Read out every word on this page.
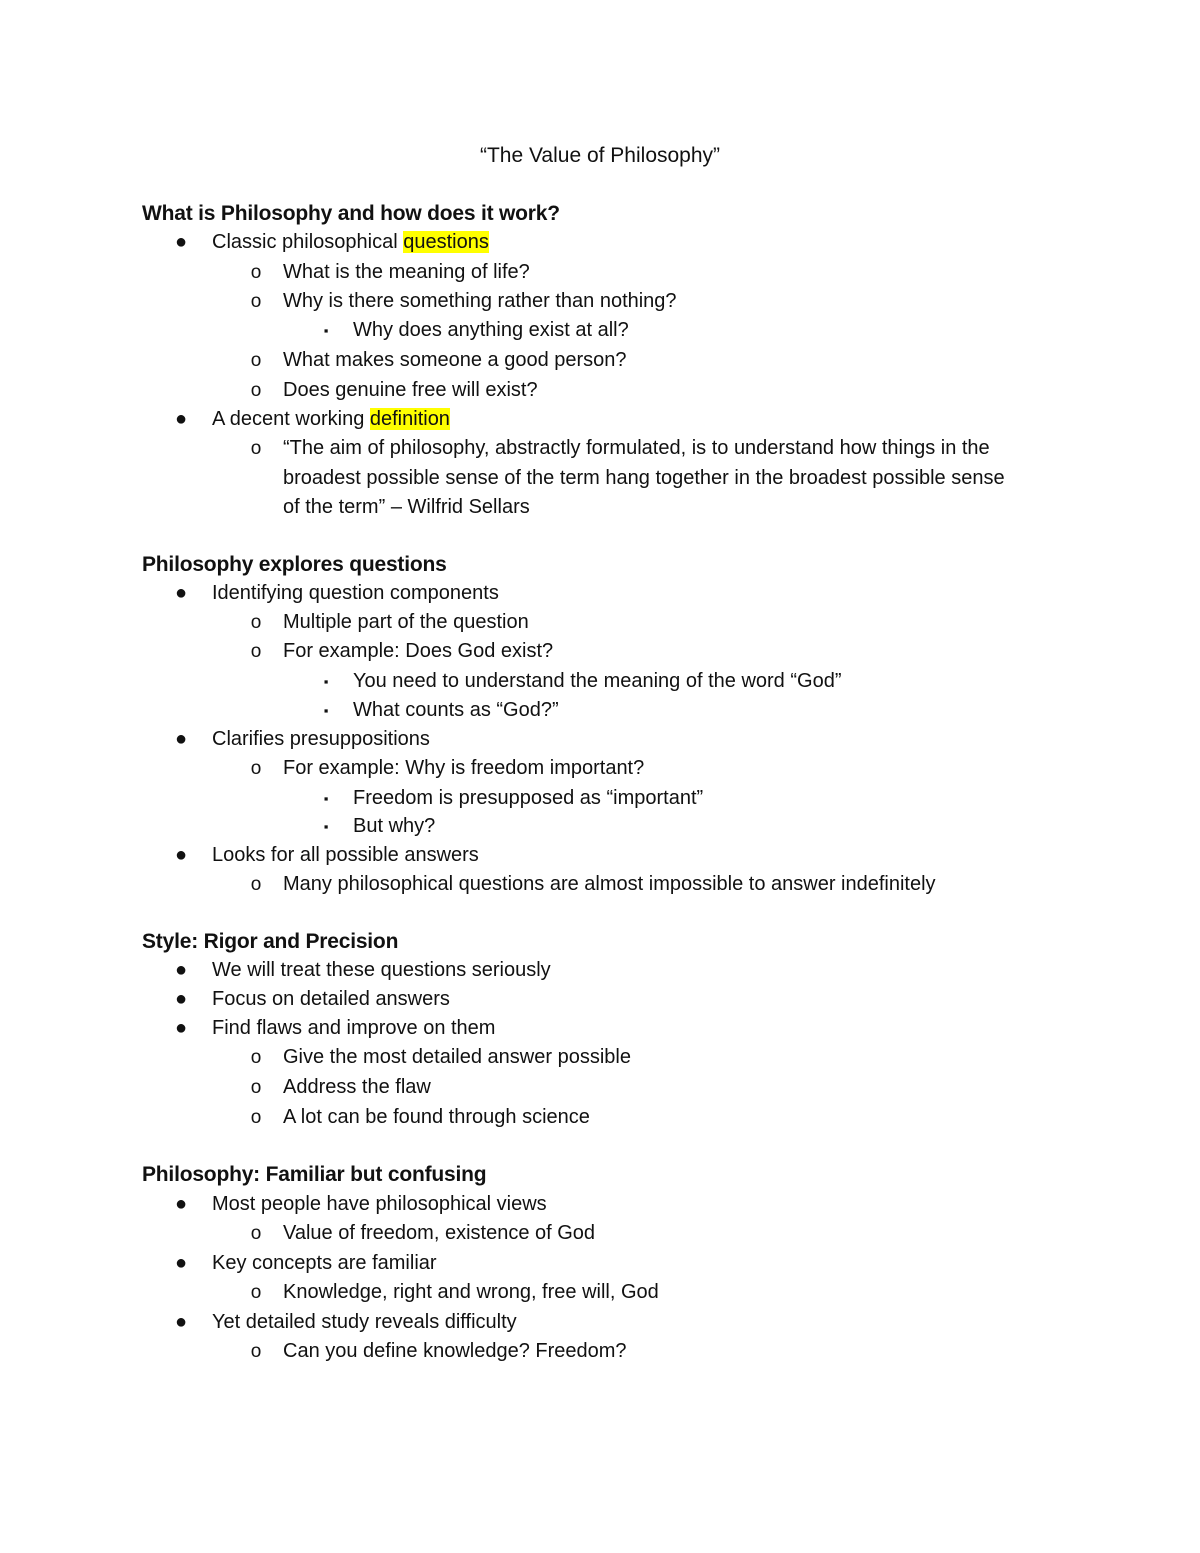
“The Value of Philosophy”
What is Philosophy and how does it work?
● Classic philosophical questions
o What is the meaning of life?
o Why is there something rather than nothing?
▪	Why does anything exist at all?
o What makes someone a good person?
o Does genuine free will exist?
● A decent working definition
o “The aim of philosophy, abstractly formulated, is to understand how things in the
broadest possible sense of the term hang together in the broadest possible sense
of the term” – Wilfrid Sellars
Philosophy explores questions
● Identifying question components
o Multiple part of the question
o For example: Does God exist?
▪	You need to understand the meaning of the word “God”
▪	What counts as “God?”
● Clarifies presuppositions
o For example: Why is freedom important?
▪	Freedom is presupposed as “important”
▪	But why?
● Looks for all possible answers
o Many philosophical questions are almost impossible to answer indefinitely
Style: Rigor and Precision
● We will treat these questions seriously
● Focus on detailed answers
● Find flaws and improve on them
o Give the most detailed answer possible
o Address the flaw
o A lot can be found through science
Philosophy: Familiar but confusing
● Most people have philosophical views
o Value of freedom, existence of God
● Key concepts are familiar
o Knowledge, right and wrong, free will, God
● Yet detailed study reveals difficulty
o Can you define knowledge? Freedom?
